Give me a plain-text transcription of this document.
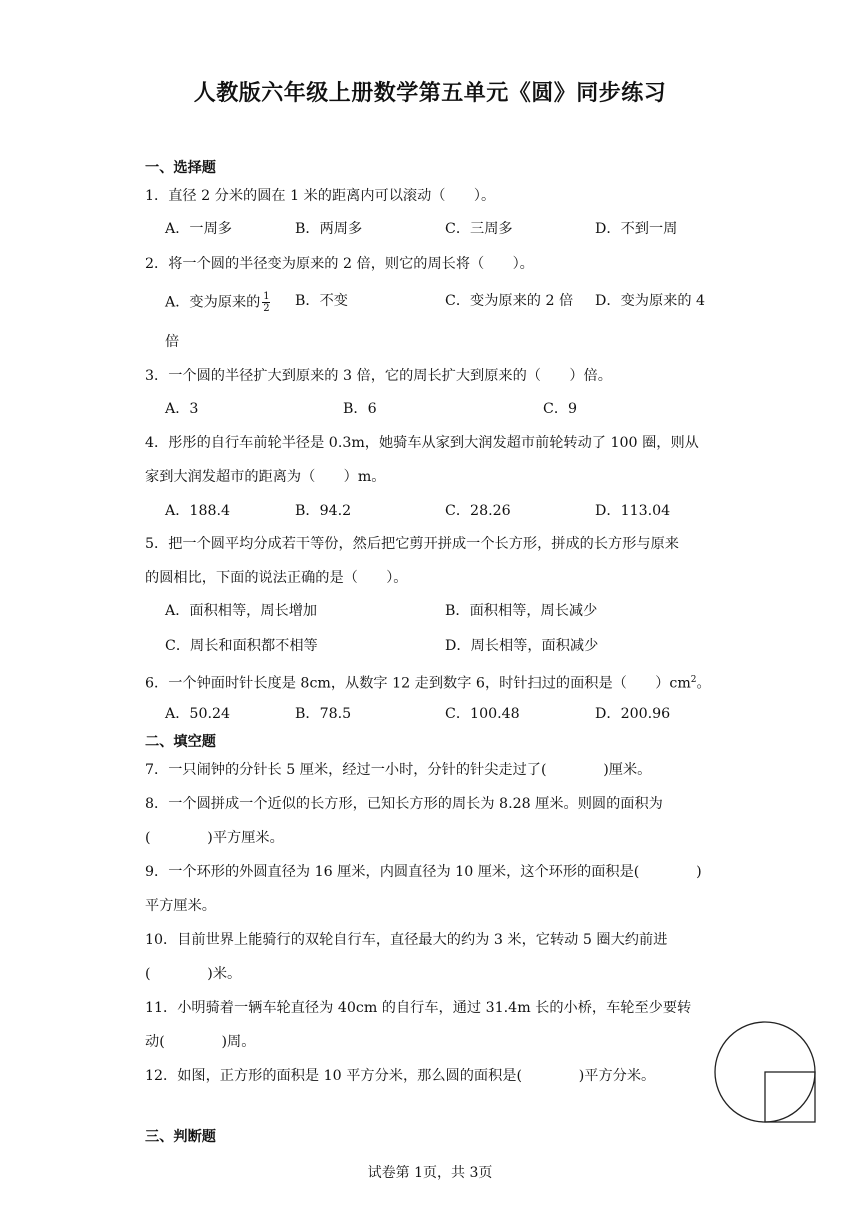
人教版六年级上册数学第五单元《圆》同步练习
一、选择题
1．直径 2 分米的圆在 1 米的距离内可以滚动（　　）。
A．一周多	B．两周多	C．三周多	D．不到一周
2．将一个圆的半径变为原来的 2 倍，则它的周长将（　　）。
A．变为原来的 $\frac{1}{2}$ B．不变	C．变为原来的 2 倍 D．变为原来的 4
倍
3．一个圆的半径扩大到原来的 3 倍，它的周长扩大到原来的（　　）倍。
A．3	B．6	C．9
4．彤彤的自行车前轮半径是 0.3m，她骑车从家到大润发超市前轮转动了 100 圈，则从
家到大润发超市的距离为（　　）m。
A．188.4	B．94.2	C．28.26	D．113.04
5．把一个圆平均分成若干等份，然后把它剪开拼成一个长方形，拼成的长方形与原来
的圆相比，下面的说法正确的是（　　）。
A．面积相等，周长增加	B．面积相等，周长减少
C．周长和面积都不相等	D．周长相等，面积减少
6．一个钟面时针长度是 8cm，从数字 12 走到数字 6，时针扫过的面积是（　　）$cm^2$。
A．50.24	B．78.5	C．100.48	D．200.96
二、填空题
7．一只闹钟的分针长 5 厘米，经过一小时，分针的针尖走过了(　　　　)厘米。
8．一个圆拼成一个近似的长方形，已知长方形的周长为 8.28 厘米。则圆的面积为
(　　　　)平方厘米。
9．一个环形的外圆直径为 16 厘米，内圆直径为 10 厘米，这个环形的面积是(　　　　)
平方厘米。
10．目前世界上能骑行的双轮自行车，直径最大的约为 3 米，它转动 5 圈大约前进
(　　　　)米。
11．小明骑着一辆车轮直径为 40cm 的自行车，通过 31.4m 长的小桥，车轮至少要转
动(　　　　)周。
12．如图，正方形的面积是 10 平方分米，那么圆的面积是(　　　　)平方分米。
三、判断题
试卷第 1页，共 3页
